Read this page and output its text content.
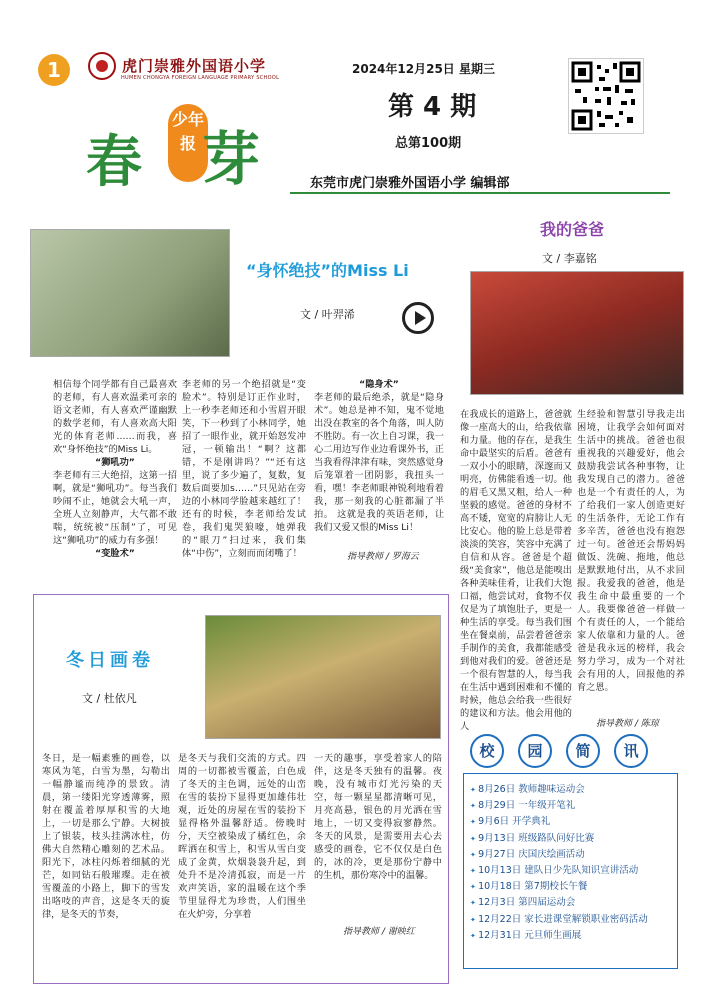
1	虎门崇雅外国语小学
HUMEN CHONGYA FOREIGN LANGUAGE PRIMARY SCHOOL
春
少年报 芽
2024年12月25日 星期三
第 4 期
总第100期
东莞市虎门崇雅外国语小学 编辑部
“身怀绝技”的Miss Li
文 / 叶羿浠
相信每个同学都有自己最喜欢的老师，有人喜欢温柔可亲的语文老师，有人喜欢严谨幽默的数学老师，有人喜欢高大阳光的体育老师……而我，喜欢“身怀绝技”的Miss Li。
“狮吼功”
李老师有三大绝招，这第一招啊，就是“狮吼功”。每当我们吵闹不止，她就会大吼一声，全班人立刻静声，大气都不敢喘，统统被“压制”了，可见这“狮吼功”的威力有多强！
“变脸术”
李老师的另一个绝招就是“变脸术”。特别是订正作业时，上一秒李老师还和小雪眉开眼笑，下一秒到了小林同学，她招了一眼作业，就开始怒发冲冠，一顿输出！“啊？这都错，不是刚讲吗？”“还有这里，说了多少遍了，复数，复数后面要加s……”只见站在旁边的小林同学脸越来越红了！还有的时候，李老师给发试卷，我们鬼哭狼嚎，她弹我的“眼刀”扫过来，我们集体“中伤”，立刻而而闭嘴了！
“隐身术”
李老师的最后绝杀，就是“隐身术”。她总是神不知，鬼不觉地出没在教室的各个角落，叫人防不胜防。有一次上自习课，我一心二用边写作业边看课外书，正当我看得津津有味，突然感觉身后笼罩着一团阴影，我扭头一看，嘿！李老师眼神锐利地看着我，那一刻我的心脏都漏了半拍。 这就是我的英语老师，让我们又爱又恨的Miss Li！
指导教师 / 罗海云
我的爸爸
文 / 李嘉铭
在我成长的道路上，爸爸就像一座高大的山，给我依靠和力量。他的存在，是我生命中最坚实的后盾。爸爸有一双小小的眼睛，深邃而又明亮，仿佛能看透一切。他的眉毛又黑又粗，给人一种坚毅的感觉。爸爸的身材不高不矮，宽宽的肩膀让人无比安心。他的脸上总是带着淡淡的笑容，笑容中充满了自信和从容。爸爸是个超级“美食家”，他总是能嗅出各种美味佳肴，让我们大饱口福，他尝试对，食物不仅仅是为了填饱肚子，更是一种生活的享受。每当我们围坐在餐桌前，品尝着爸爸亲手制作的美食，我都能感受到他对我们的爱。爸爸还是一个很有智慧的人，每当我在生活中遇到困难和不懂的时候，他总会给我一些很好的建议和方法。他会用他的人
生经验和智慧引导我走出困境，让我学会如何面对生活中的挑战。爸爸也很重视我的兴趣爱好，他会鼓励我尝试各种事物，让我发现自己的潜力。爸爸也是一个有责任的人，为了给我们一家人创造更好的生活条件，无论工作有多辛苦，爸爸也没有抱怨过一句。爸爸还会帮妈妈做饭、洗碗、拖地，他总是默默地付出，从不求回报。我爱我的爸爸，他是我生命中最重要的一个人。我要像爸爸一样做一个有责任的人，一个能给家人依靠和力量的人。爸爸是我永远的榜样，我会努力学习，成为一个对社会有用的人，回报他的养育之恩。
指导教师 / 陈琼
冬日画卷
文 / 杜依凡
冬日，是一幅素雅的画卷，以寒风为笔，白雪为墨，勾勒出一幅静谧而纯净的景致。清晨，第一缕阳光穿透薄雾，照射在覆盖着厚厚积雪的大地上，一切是那么宁静。大树披上了银装，枝头挂满冰柱，仿佛大自然精心雕刻的艺术品。阳光下，冰柱闪烁着细腻的光芒，如同钻石般璀璨。走在被雪覆盖的小路上，脚下的雪发出咯吱的声音，这是冬天的旋律，是冬天的节奏，
是冬天与我们交流的方式。四周的一切都被雪覆盖，白色成了冬天的主色调，远处的山峦在雪的装扮下显得更加雄伟壮观，近处的房屋在雪的装扮下显得格外温馨舒适。傍晚时分，天空被染成了橘红色，余晖洒在积雪上，积雪从雪白变成了金黄，炊烟袅袅升起，到处升不是冷清孤寂，而是一片欢声笑语，家的温暖在这个季节里显得尤为珍贵，人们围坐在火炉旁，分享着
一天的趣事，享受着家人的陪伴，这是冬天独有的温馨。夜晚，没有城市灯光污染的天空，每一颗星星都清晰可见，月亮高悬，银色的月光洒在雪地上，一切又变得寂寥静然。冬天的风景，是需要用去心去感受的画卷，它不仅仅是白色的，冰的冷，更是那份宁静中的生机，那份寒冷中的温馨。
指导教师 / 谢映红
校 园 简 讯
✦ 8月26日 教师趣味运动会
✦ 8月29日 一年级开笔礼
✦ 9月6日 开学典礼
✦ 9月13日 班级路队问好比赛
✦ 9月27日 庆国庆绘画活动
✦ 10月13日 建队日少先队知识宣讲活动
✦ 10月18日 第7期校长午餐
✦ 12月3日 第四届运动会
✦ 12月22日 家长进课堂解锁职业密码活动
✦ 12月31日 元旦师生画展
